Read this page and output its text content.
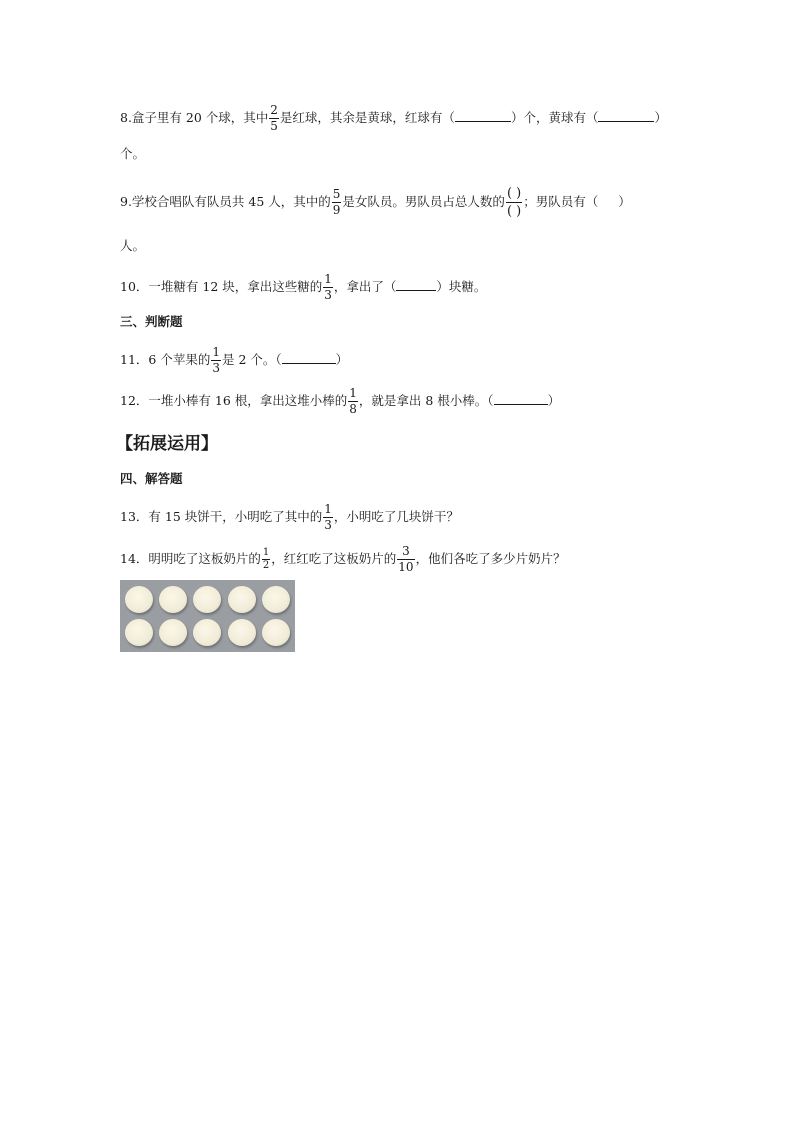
8.盒子里有 20 个球，其中 $\frac{2}{5}$ 是红球，其余是黄球，红球有（	）个，黄球有（	）
个。
9.学校合唱队有队员共 45 人，其中的 $\frac{5}{9}$ 是女队员。男队员占总人数的 $\frac{( )}{( )}$ ；男队员有（ ）
人。
10．一堆糖有 12 块，拿出这些糖的 $\frac{1}{3}$ ，拿出了（	）块糖。
三、判断题
11．6 个苹果的 $\frac{1}{3}$ 是 2 个。（	）
12．一堆小棒有 16 根，拿出这堆小棒的 $\frac{1}{8}$ ，就是拿出 8 根小棒。（	）
【拓展运用】
四、解答题
13．有 15 块饼干，小明吃了其中的 $\frac{1}{3}$ ，小明吃了几块饼干？
14．明明吃了这板奶片的 $\frac{1}{2}$ ，红红吃了这板奶片的 $\frac{3}{10}$ ，他们各吃了多少片奶片？
